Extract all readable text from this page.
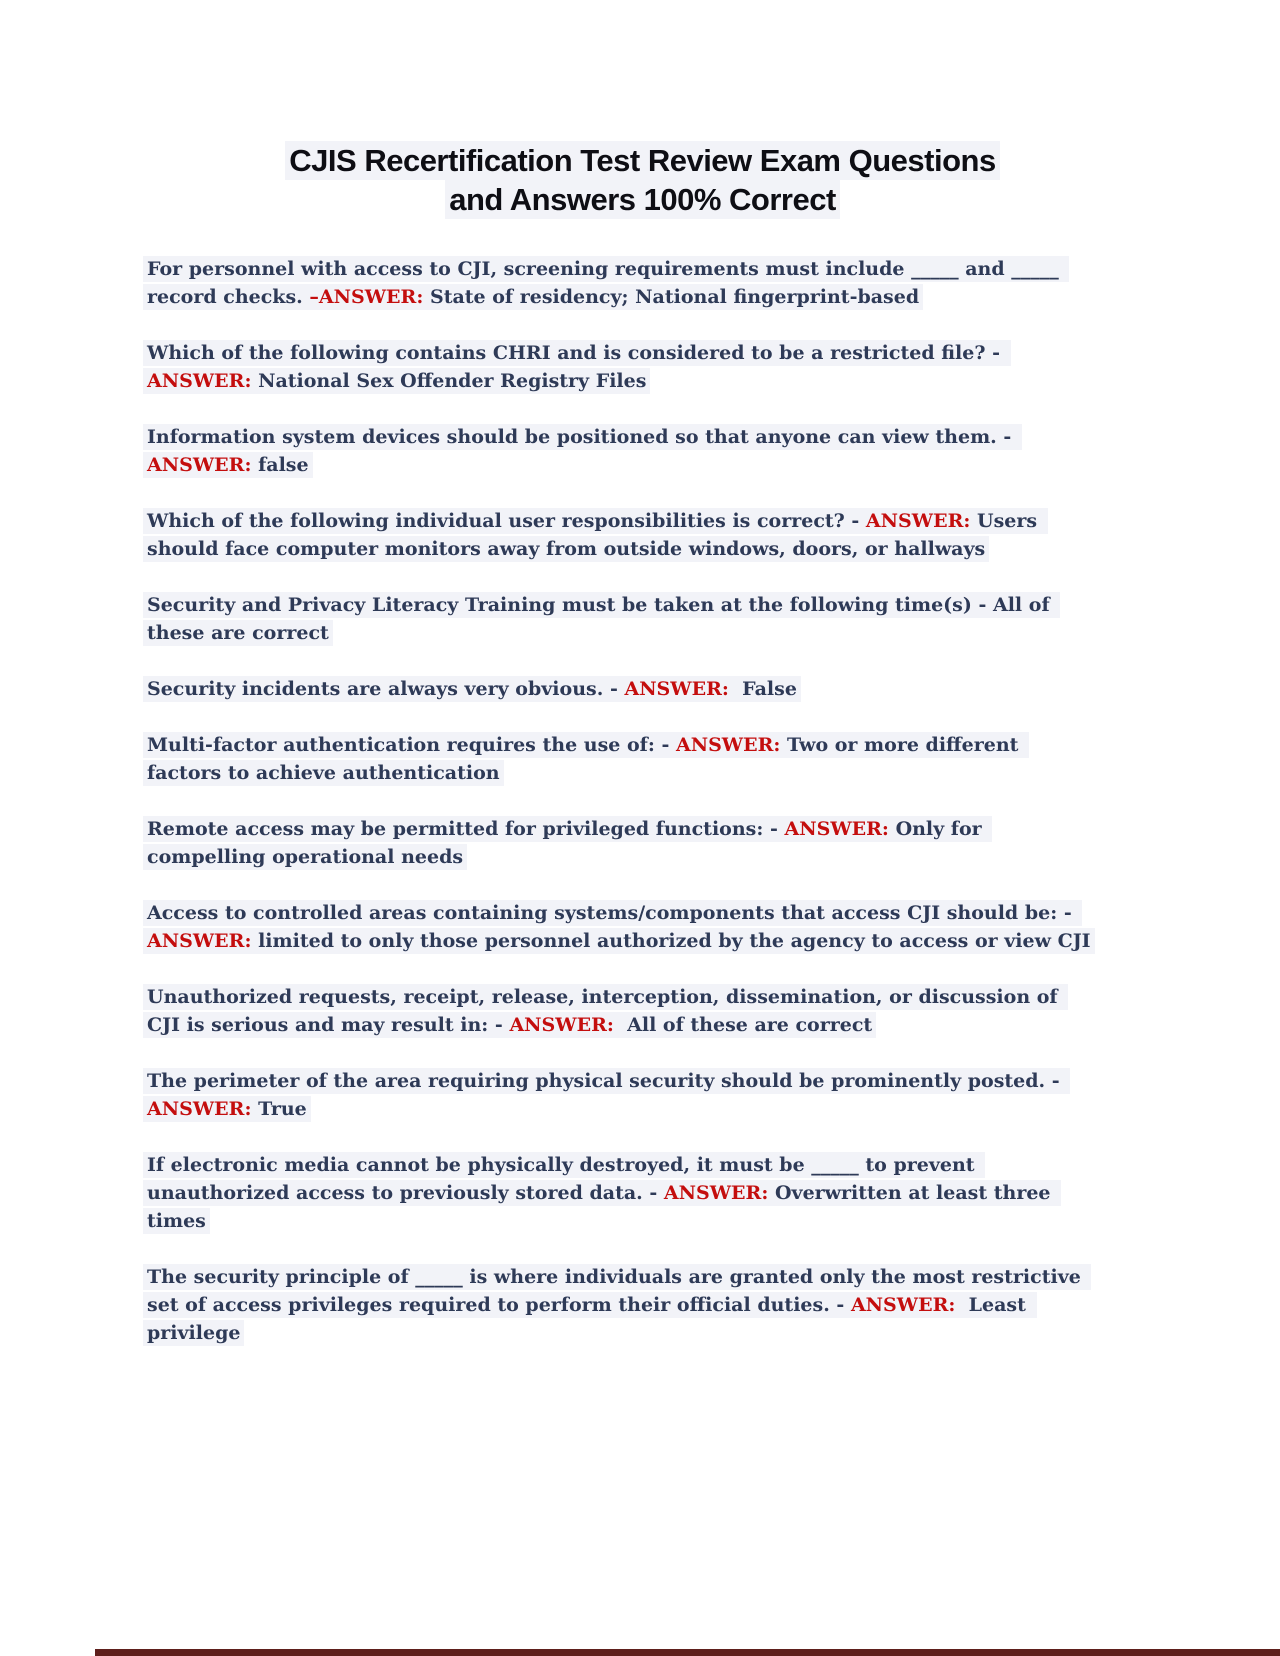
CJIS Recertification Test Review Exam Questions
and Answers 100% Correct

For personnel with access to CJI, screening requirements must include _____ and _____ record checks. –ANSWER: State of residency; National fingerprint-based

Which of the following contains CHRI and is considered to be a restricted file? - ANSWER: National Sex Offender Registry Files

Information system devices should be positioned so that anyone can view them. - ANSWER: false

Which of the following individual user responsibilities is correct? - ANSWER: Users should face computer monitors away from outside windows, doors, or hallways

Security and Privacy Literacy Training must be taken at the following time(s) - All of these are correct

Security incidents are always very obvious. - ANSWER:  False

Multi-factor authentication requires the use of: - ANSWER: Two or more different factors to achieve authentication

Remote access may be permitted for privileged functions: - ANSWER: Only for compelling operational needs

Access to controlled areas containing systems/components that access CJI should be: - ANSWER: limited to only those personnel authorized by the agency to access or view CJI

Unauthorized requests, receipt, release, interception, dissemination, or discussion of CJI is serious and may result in: - ANSWER:  All of these are correct

The perimeter of the area requiring physical security should be prominently posted. - ANSWER: True

If electronic media cannot be physically destroyed, it must be _____ to prevent unauthorized access to previously stored data. - ANSWER: Overwritten at least three times

The security principle of _____ is where individuals are granted only the most restrictive set of access privileges required to perform their official duties. - ANSWER:  Least privilege
